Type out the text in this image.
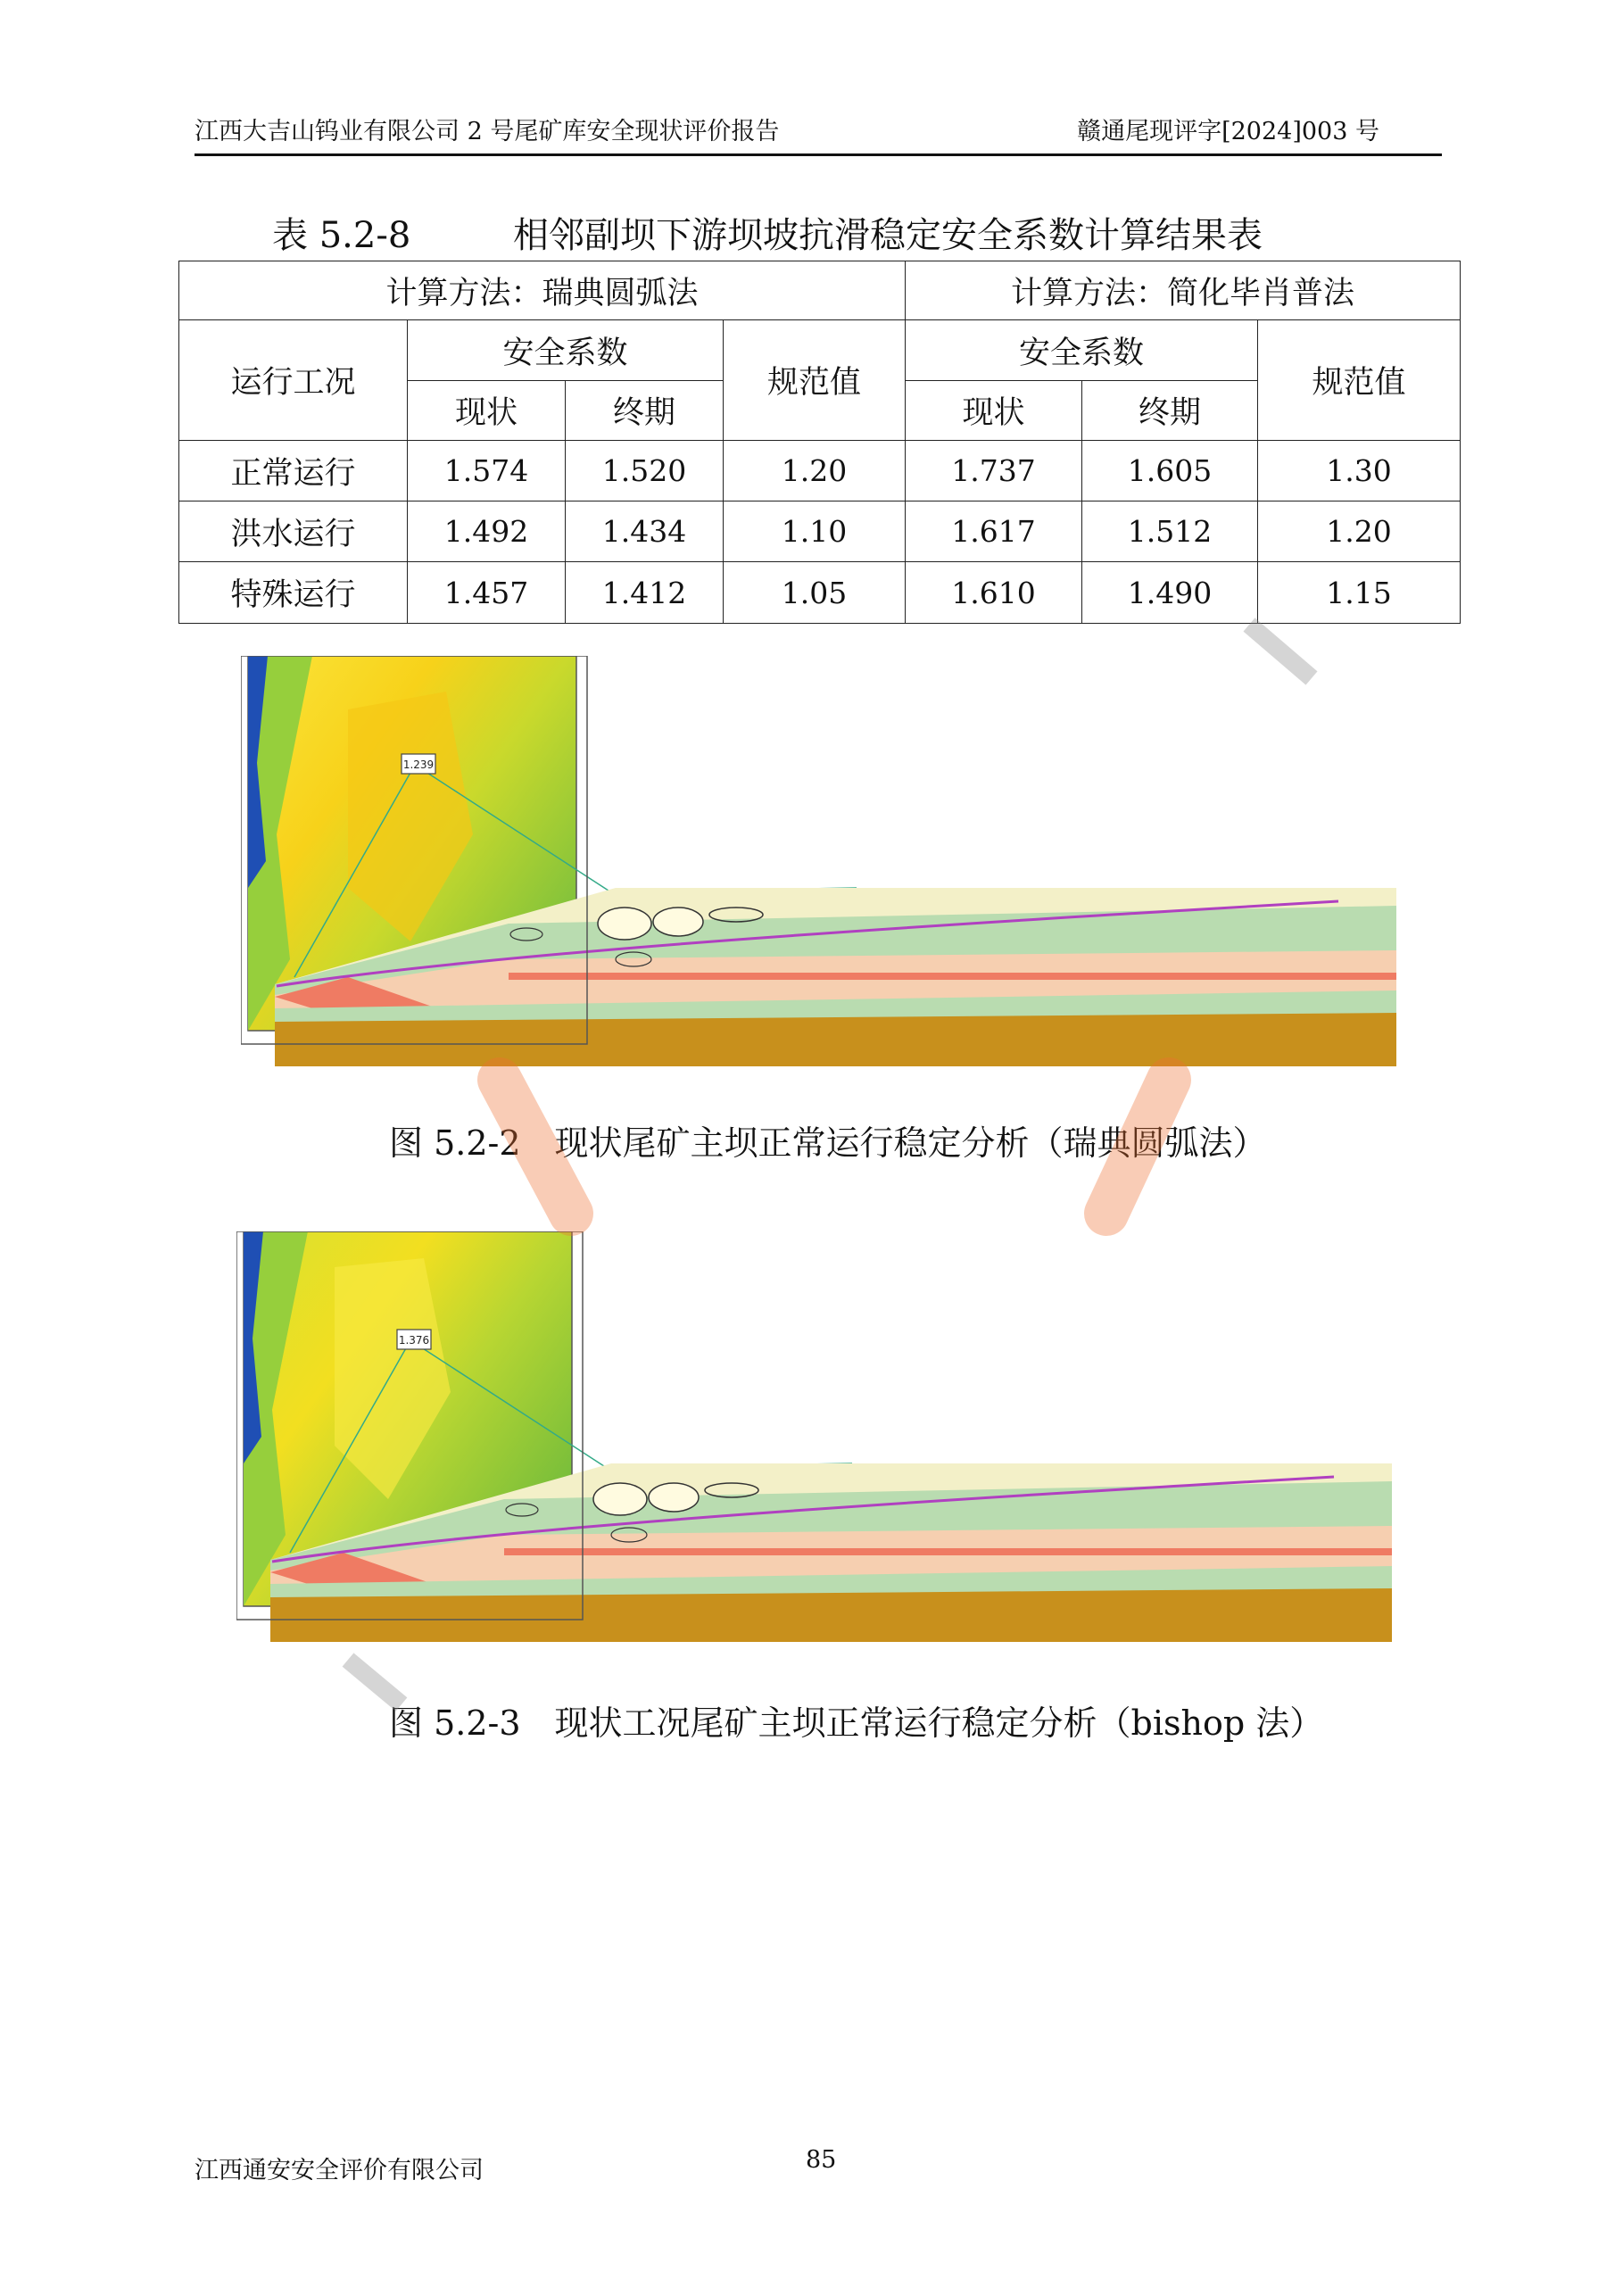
江西大吉山钨业有限公司 2 号尾矿库安全现状评价报告	赣通尾现评字[2024]003 号
表 5.2-8	相邻副坝下游坝坡抗滑稳定安全系数计算结果表
计算方法：瑞典圆弧法				计算方法：简化毕肖普法		
运行工况	安全系数		规范值	安全系数		规范值
	现状	终期		现状	终期	
正常运行	1.574	1.520	1.20	1.737	1.605	1.30
洪水运行	1.492	1.434	1.10	1.617	1.512	1.20
特殊运行	1.457	1.412	1.05	1.610	1.490	1.15
1.239
图 5.2-2　现状尾矿主坝正常运行稳定分析（瑞典圆弧法）
1.376
图 5.2-3　现状工况尾矿主坝正常运行稳定分析（bishop 法）
江西通安安全评价有限公司	85
